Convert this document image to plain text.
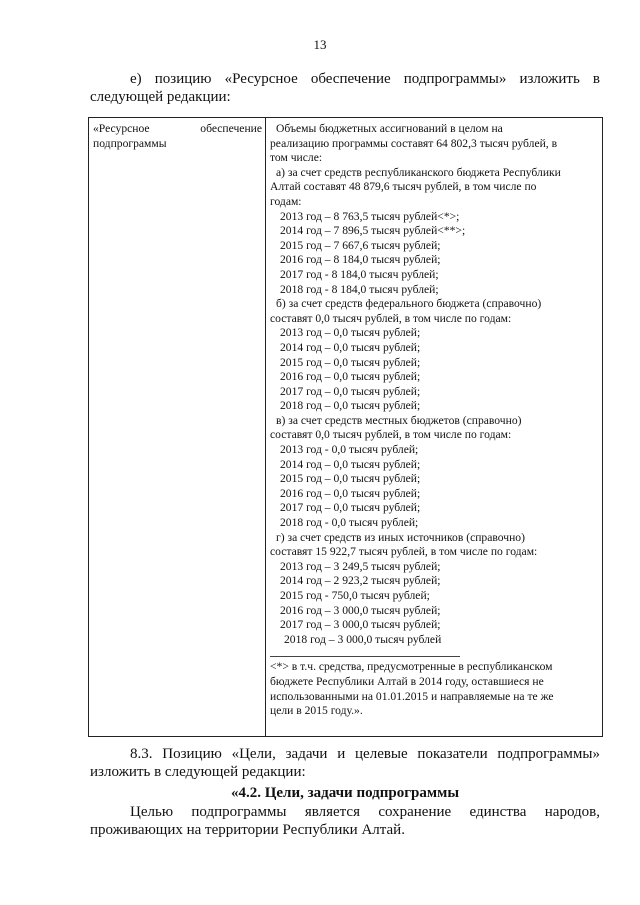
13
е) позицию «Ресурсное обеспечение подпрограммы» изложить в следующей редакции:
«Ресурсное	обеспечение
подпрограммы
Объемы бюджетных ассигнований в целом на
реализацию программы составят 64 802,3 тысяч рублей, в
том числе:
а) за счет средств республиканского бюджета Республики
Алтай составят 48 879,6 тысяч рублей, в том числе по
годам:
2013 год – 8 763,5 тысяч рублей<*>;
2014 год – 7 896,5 тысяч рублей<**>;
2015 год – 7 667,6 тысяч рублей;
2016 год – 8 184,0 тысяч рублей;
2017 год - 8 184,0 тысяч рублей;
2018 год - 8 184,0 тысяч рублей;
б) за счет средств федерального бюджета (справочно)
составят 0,0 тысяч рублей, в том числе по годам:
2013 год – 0,0 тысяч рублей;
2014 год – 0,0 тысяч рублей;
2015 год – 0,0 тысяч рублей;
2016 год – 0,0 тысяч рублей;
2017 год – 0,0 тысяч рублей;
2018 год – 0,0 тысяч рублей;
в) за счет средств местных бюджетов (справочно)
составят 0,0 тысяч рублей, в том числе по годам:
2013 год - 0,0 тысяч рублей;
2014 год – 0,0 тысяч рублей;
2015 год – 0,0 тысяч рублей;
2016 год – 0,0 тысяч рублей;
2017 год – 0,0 тысяч рублей;
2018 год - 0,0 тысяч рублей;
г) за счет средств из иных источников (справочно)
составят 15 922,7 тысяч рублей, в том числе по годам:
2013 год – 3 249,5 тысяч рублей;
2014 год – 2 923,2 тысяч рублей;
2015 год - 750,0 тысяч рублей;
2016 год – 3 000,0 тысяч рублей;
2017 год – 3 000,0 тысяч рублей;
2018 год – 3 000,0 тысяч рублей
<*> в т.ч. средства, предусмотренные в республиканском
бюджете Республики Алтай в 2014 году, оставшиеся не
использованными на 01.01.2015 и направляемые на те же
цели в 2015 году.».
8.3. Позицию «Цели, задачи и целевые показатели подпрограммы» изложить в следующей редакции:
«4.2. Цели, задачи подпрограммы
Целью подпрограммы является сохранение единства народов, проживающих на территории Республики Алтай.
